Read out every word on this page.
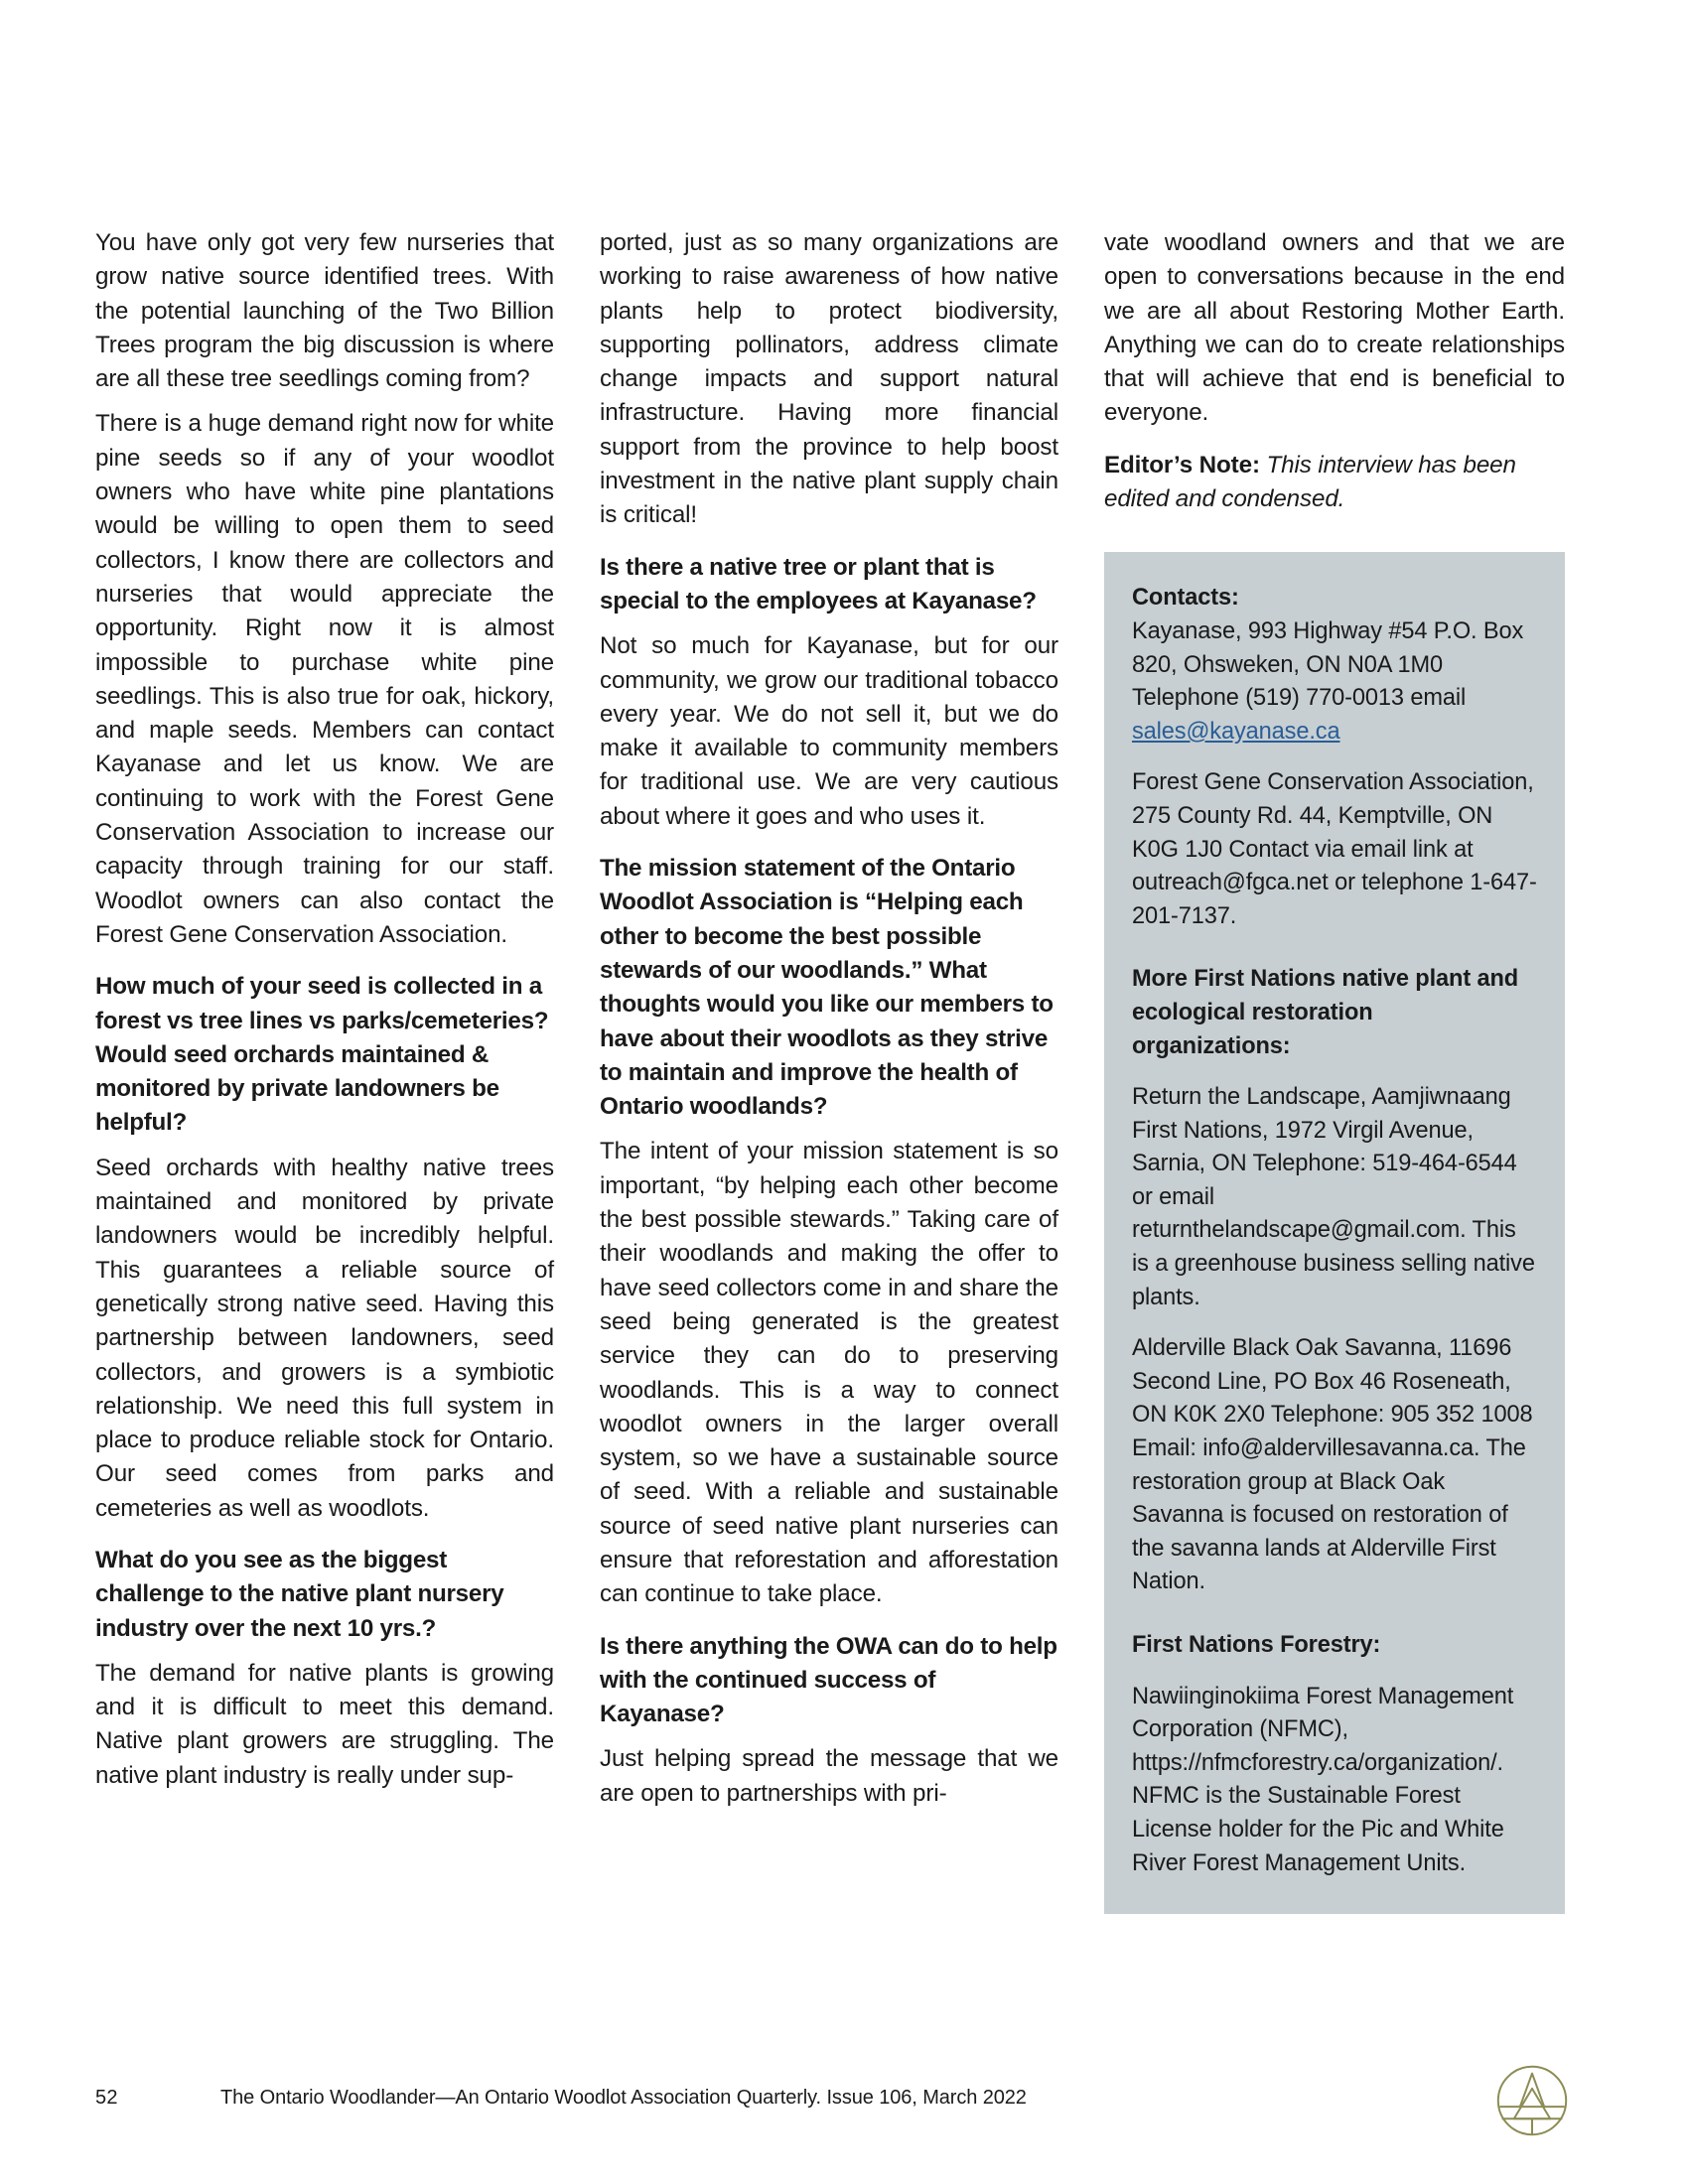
You have only got very few nurseries that grow native source identified trees. With the potential launching of the Two Billion Trees program the big discussion is where are all these tree seedlings coming from?

There is a huge demand right now for white pine seeds so if any of your woodlot owners who have white pine plantations would be willing to open them to seed collectors, I know there are collectors and nurseries that would appreciate the opportunity. Right now it is almost impossible to purchase white pine seedlings. This is also true for oak, hickory, and maple seeds. Members can contact Kayanase and let us know. We are continuing to work with the Forest Gene Conservation Association to increase our capacity through training for our staff. Woodlot owners can also contact the Forest Gene Conservation Association.

How much of your seed is collected in a forest vs tree lines vs parks/cemeteries? Would seed orchards maintained & monitored by private landowners be helpful?

Seed orchards with healthy native trees maintained and monitored by private landowners would be incredibly helpful. This guarantees a reliable source of genetically strong native seed. Having this partnership between landowners, seed collectors, and growers is a symbiotic relationship. We need this full system in place to produce reliable stock for Ontario. Our seed comes from parks and cemeteries as well as woodlots.

What do you see as the biggest challenge to the native plant nursery industry over the next 10 yrs.?

The demand for native plants is growing and it is difficult to meet this demand. Native plant growers are struggling. The native plant industry is really under sup-

ported, just as so many organizations are working to raise awareness of how native plants help to protect biodiversity, supporting pollinators, address climate change impacts and support natural infrastructure. Having more financial support from the province to help boost investment in the native plant supply chain is critical!

Is there a native tree or plant that is special to the employees at Kayanase?

Not so much for Kayanase, but for our community, we grow our traditional tobacco every year. We do not sell it, but we do make it available to community members for traditional use. We are very cautious about where it goes and who uses it.

The mission statement of the Ontario Woodlot Association is “Helping each other to become the best possible stewards of our woodlands.” What thoughts would you like our members to have about their woodlots as they strive to maintain and improve the health of Ontario woodlands?

The intent of your mission statement is so important, “by helping each other become the best possible stewards.” Taking care of their woodlands and making the offer to have seed collectors come in and share the seed being generated is the greatest service they can do to preserving woodlands. This is a way to connect woodlot owners in the larger overall system, so we have a sustainable source of seed. With a reliable and sustainable source of seed native plant nurseries can ensure that reforestation and afforestation can continue to take place.

Is there anything the OWA can do to help with the continued success of Kayanase?

Just helping spread the message that we are open to partnerships with pri-

vate woodland owners and that we are open to conversations because in the end we are all about Restoring Mother Earth. Anything we can do to create relationships that will achieve that end is beneficial to everyone.

Editor’s Note: This interview has been edited and condensed.

Contacts:

Kayanase, 993 Highway #54 P.O. Box 820, Ohsweken, ON N0A 1M0 Telephone (519) 770-0013 email sales@kayanase.ca

Forest Gene Conservation Association, 275 County Rd. 44, Kemptville, ON K0G 1J0 Contact via email link at outreach@fgca.net or telephone 1-647-201-7137.

More First Nations native plant and ecological restoration organizations:

Return the Landscape, Aamjiwnaang First Nations, 1972 Virgil Avenue, Sarnia, ON Telephone: 519-464-6544 or email returnthelandscape@gmail.com. This is a greenhouse business selling native plants.

Alderville Black Oak Savanna, 11696 Second Line, PO Box 46 Roseneath, ON K0K 2X0 Telephone: 905 352 1008 Email: info@aldervillesavanna.ca. The restoration group at Black Oak Savanna is focused on restoration of the savanna lands at Alderville First Nation.

First Nations Forestry:

Nawiinginokiima Forest Management Corporation (NFMC), https://nfmcforestry.ca/organization/. NFMC is the Sustainable Forest License holder for the Pic and White River Forest Management Units.

52	The Ontario Woodlander—An Ontario Woodlot Association Quarterly. Issue 106, March 2022
